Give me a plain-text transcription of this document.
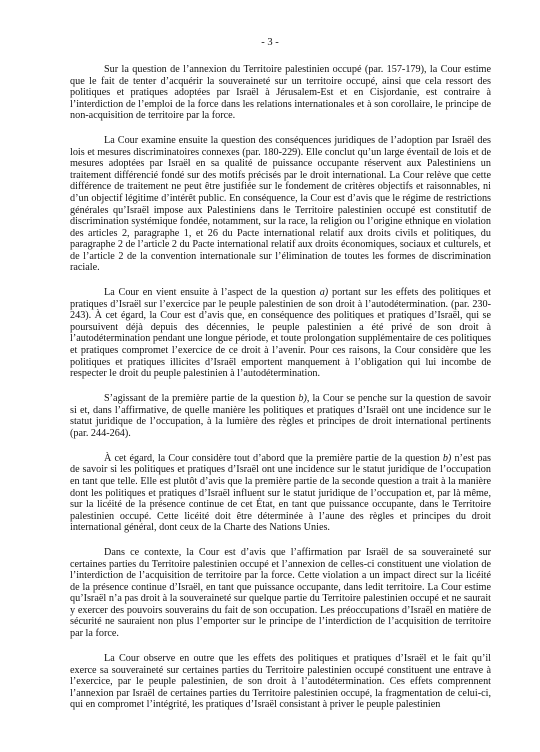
- 3 -

Sur la question de l’annexion du Territoire palestinien occupé (par. 157-179), la Cour estime que le fait de tenter d’acquérir la souveraineté sur un territoire occupé, ainsi que cela ressort des politiques et pratiques adoptées par Israël à Jérusalem-Est et en Cisjordanie, est contraire à l’interdiction de l’emploi de la force dans les relations internationales et à son corollaire, le principe de non-acquisition de territoire par la force.

La Cour examine ensuite la question des conséquences juridiques de l’adoption par Israël des lois et mesures discriminatoires connexes (par. 180-229). Elle conclut qu’un large éventail de lois et de mesures adoptées par Israël en sa qualité de puissance occupante réservent aux Palestiniens un traitement différencié fondé sur des motifs précisés par le droit international. La Cour relève que cette différence de traitement ne peut être justifiée sur le fondement de critères objectifs et raisonnables, ni d’un objectif légitime d’intérêt public. En conséquence, la Cour est d’avis que le régime de restrictions générales qu’Israël impose aux Palestiniens dans le Territoire palestinien occupé est constitutif de discrimination systémique fondée, notamment, sur la race, la religion ou l’origine ethnique en violation des articles 2, paragraphe 1, et 26 du Pacte international relatif aux droits civils et politiques, du paragraphe 2 de l’article 2 du Pacte international relatif aux droits économiques, sociaux et culturels, et de l’article 2 de la convention internationale sur l’élimination de toutes les formes de discrimination raciale.

La Cour en vient ensuite à l’aspect de la question a) portant sur les effets des politiques et pratiques d’Israël sur l’exercice par le peuple palestinien de son droit à l’autodétermination. (par. 230-243). À cet égard, la Cour est d’avis que, en conséquence des politiques et pratiques d’Israël, qui se poursuivent déjà depuis des décennies, le peuple palestinien a été privé de son droit à l’autodétermination pendant une longue période, et toute prolongation supplémentaire de ces politiques et pratiques compromet l’exercice de ce droit à l’avenir. Pour ces raisons, la Cour considère que les politiques et pratiques illicites d’Israël emportent manquement à l’obligation qui lui incombe de respecter le droit du peuple palestinien à l’autodétermination.

S’agissant de la première partie de la question b), la Cour se penche sur la question de savoir si et, dans l’affirmative, de quelle manière les politiques et pratiques d’Israël ont une incidence sur le statut juridique de l’occupation, à la lumière des règles et principes de droit international pertinents (par. 244-264).

À cet égard, la Cour considère tout d’abord que la première partie de la question b) n’est pas de savoir si les politiques et pratiques d’Israël ont une incidence sur le statut juridique de l’occupation en tant que telle. Elle est plutôt d’avis que la première partie de la seconde question a trait à la manière dont les politiques et pratiques d’Israël influent sur le statut juridique de l’occupation et, par là même, sur la licéité de la présence continue de cet État, en tant que puissance occupante, dans le Territoire palestinien occupé. Cette licéité doit être déterminée à l’aune des règles et principes du droit international général, dont ceux de la Charte des Nations Unies.

Dans ce contexte, la Cour est d’avis que l’affirmation par Israël de sa souveraineté sur certaines parties du Territoire palestinien occupé et l’annexion de celles-ci constituent une violation de l’interdiction de l’acquisition de territoire par la force. Cette violation a un impact direct sur la licéité de la présence continue d’Israël, en tant que puissance occupante, dans ledit territoire. La Cour estime qu’Israël n’a pas droit à la souveraineté sur quelque partie du Territoire palestinien occupé et ne saurait y exercer des pouvoirs souverains du fait de son occupation. Les préoccupations d’Israël en matière de sécurité ne sauraient non plus l’emporter sur le principe de l’interdiction de l’acquisition de territoire par la force.

La Cour observe en outre que les effets des politiques et pratiques d’Israël et le fait qu’il exerce sa souveraineté sur certaines parties du Territoire palestinien occupé constituent une entrave à l’exercice, par le peuple palestinien, de son droit à l’autodétermination. Ces effets comprennent l’annexion par Israël de certaines parties du Territoire palestinien occupé, la fragmentation de celui-ci, qui en compromet l’intégrité, les pratiques d’Israël consistant à priver le peuple palestinien
